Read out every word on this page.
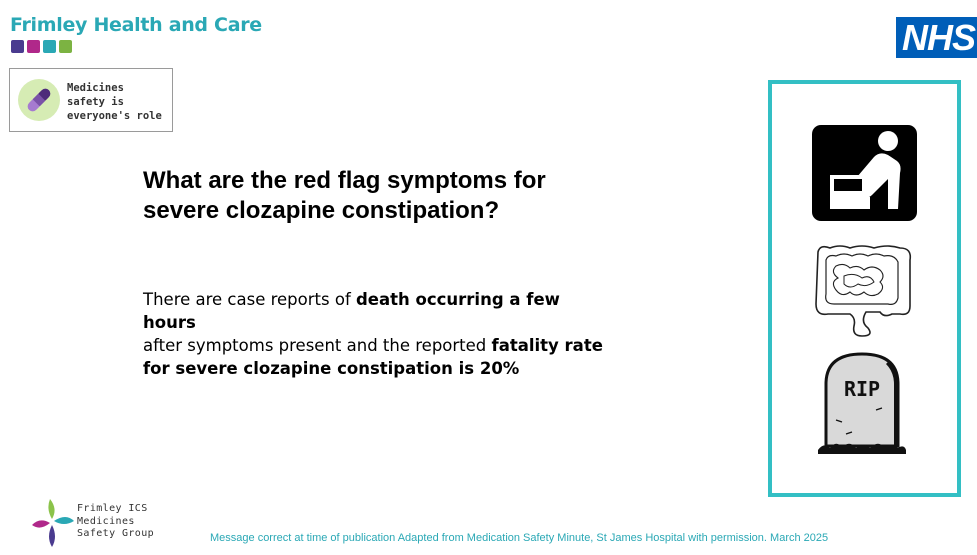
Frimley Health and Care	NHS
Medicines
safety is
everyone's role
What are the red flag symptoms for
severe clozapine constipation?

There are case reports of death occurring a few hours
after symptoms present and the reported fatality rate
for severe clozapine constipation is 20%

RIP
Frimley ICS
Medicines
Safety Group	Message correct at time of publication Adapted from Medication Safety Minute, St James Hospital with permission. March 2025
